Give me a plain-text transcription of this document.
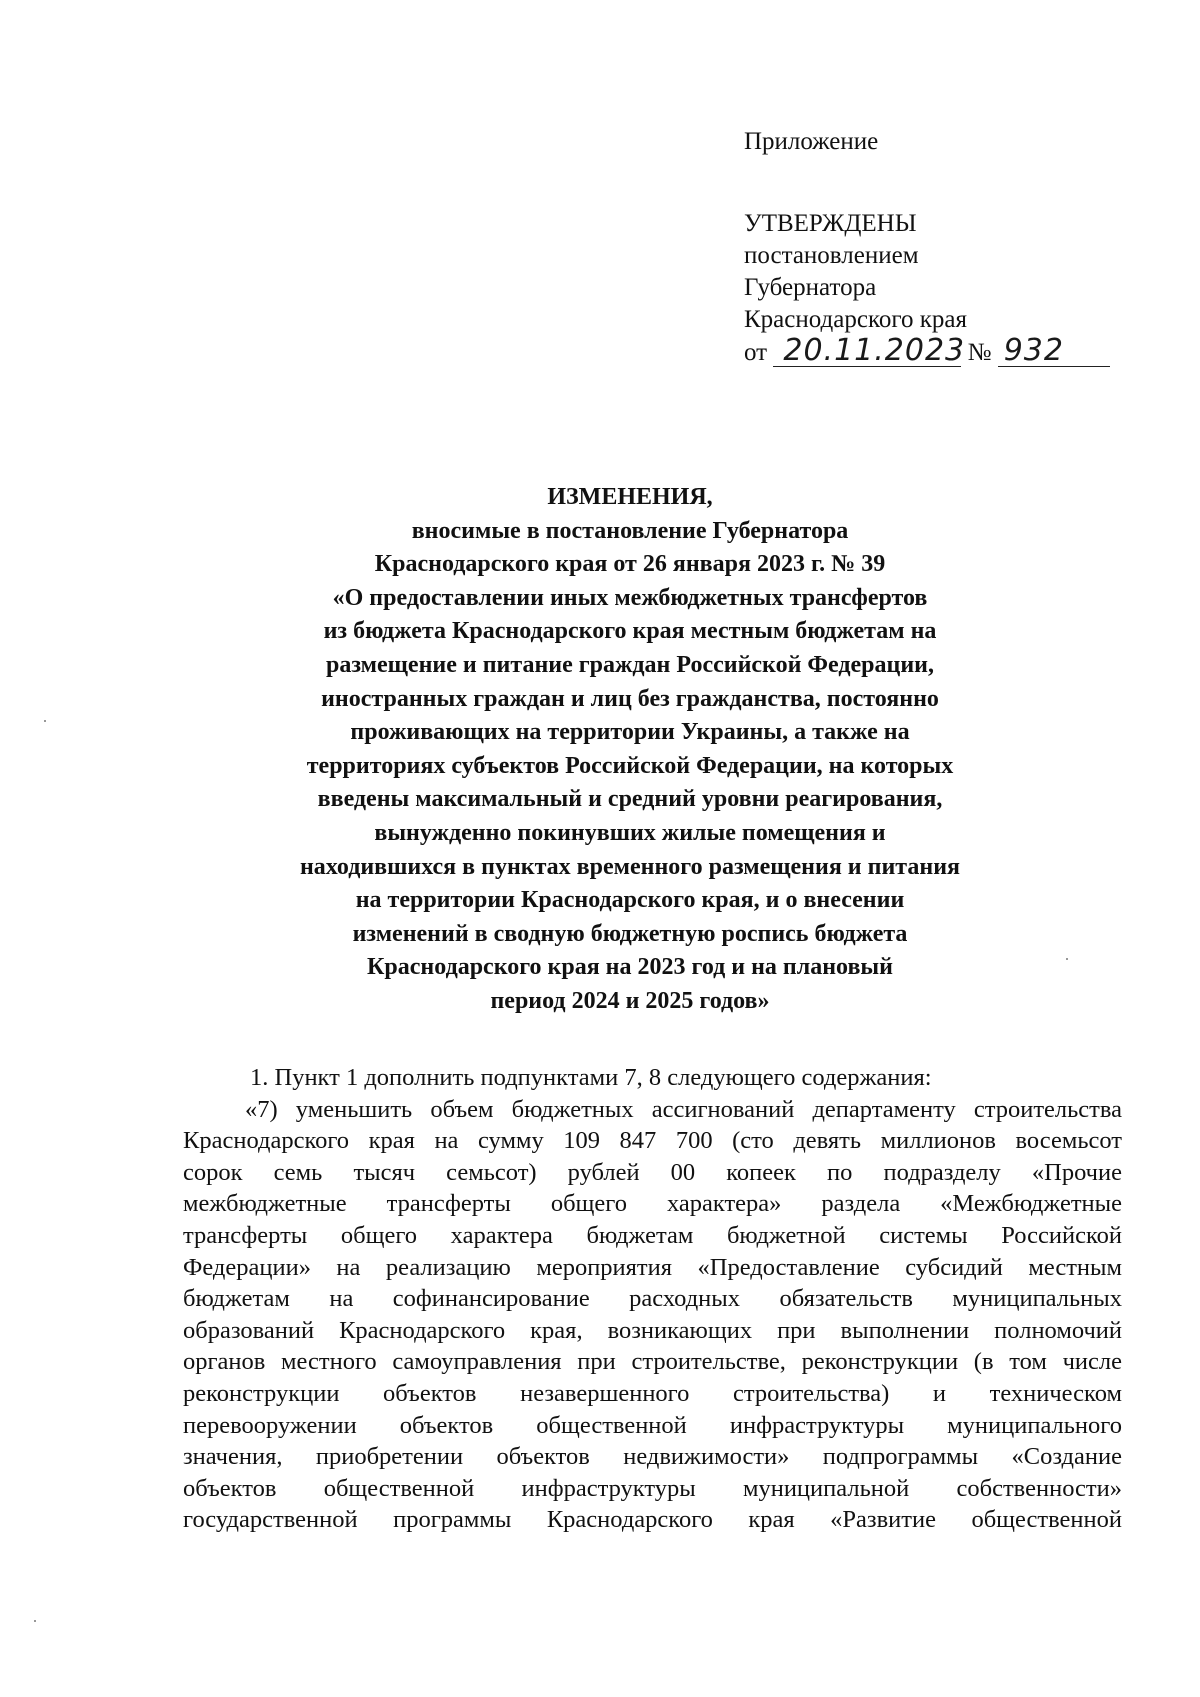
Приложение
УТВЕРЖДЕНЫ
постановлением
Губернатора
Краснодарского края
от 20.11.2023 № 932
ИЗМЕНЕНИЯ,
вносимые в постановление Губернатора
Краснодарского края от 26 января 2023 г. № 39
«О предоставлении иных межбюджетных трансфертов
из бюджета Краснодарского края местным бюджетам на
размещение и питание граждан Российской Федерации,
иностранных граждан и лиц без гражданства, постоянно
проживающих на территории Украины, а также на
территориях субъектов Российской Федерации, на которых
введены максимальный и средний уровни реагирования,
вынужденно покинувших жилые помещения и
находившихся в пунктах временного размещения и питания
на территории Краснодарского края, и о внесении
изменений в сводную бюджетную роспись бюджета
Краснодарского края на 2023 год и на плановый
период 2024 и 2025 годов»
1. Пункт 1 дополнить подпунктами 7, 8 следующего содержания:
«7) уменьшить объем бюджетных ассигнований департаменту строительства
Краснодарского края на сумму 109 847 700 (сто девять миллионов восемьсот
сорок семь тысяч семьсот) рублей 00 копеек по подразделу «Прочие
межбюджетные трансферты общего характера» раздела «Межбюджетные
трансферты общего характера бюджетам бюджетной системы Российской
Федерации» на реализацию мероприятия «Предоставление субсидий местным
бюджетам на софинансирование расходных обязательств муниципальных
образований Краснодарского края, возникающих при выполнении полномочий
органов местного самоуправления при строительстве, реконструкции (в том числе
реконструкции объектов незавершенного строительства) и техническом
перевооружении объектов общественной инфраструктуры муниципального
значения, приобретении объектов недвижимости» подпрограммы «Создание
объектов общественной инфраструктуры муниципальной собственности»
государственной программы Краснодарского края «Развитие общественной
